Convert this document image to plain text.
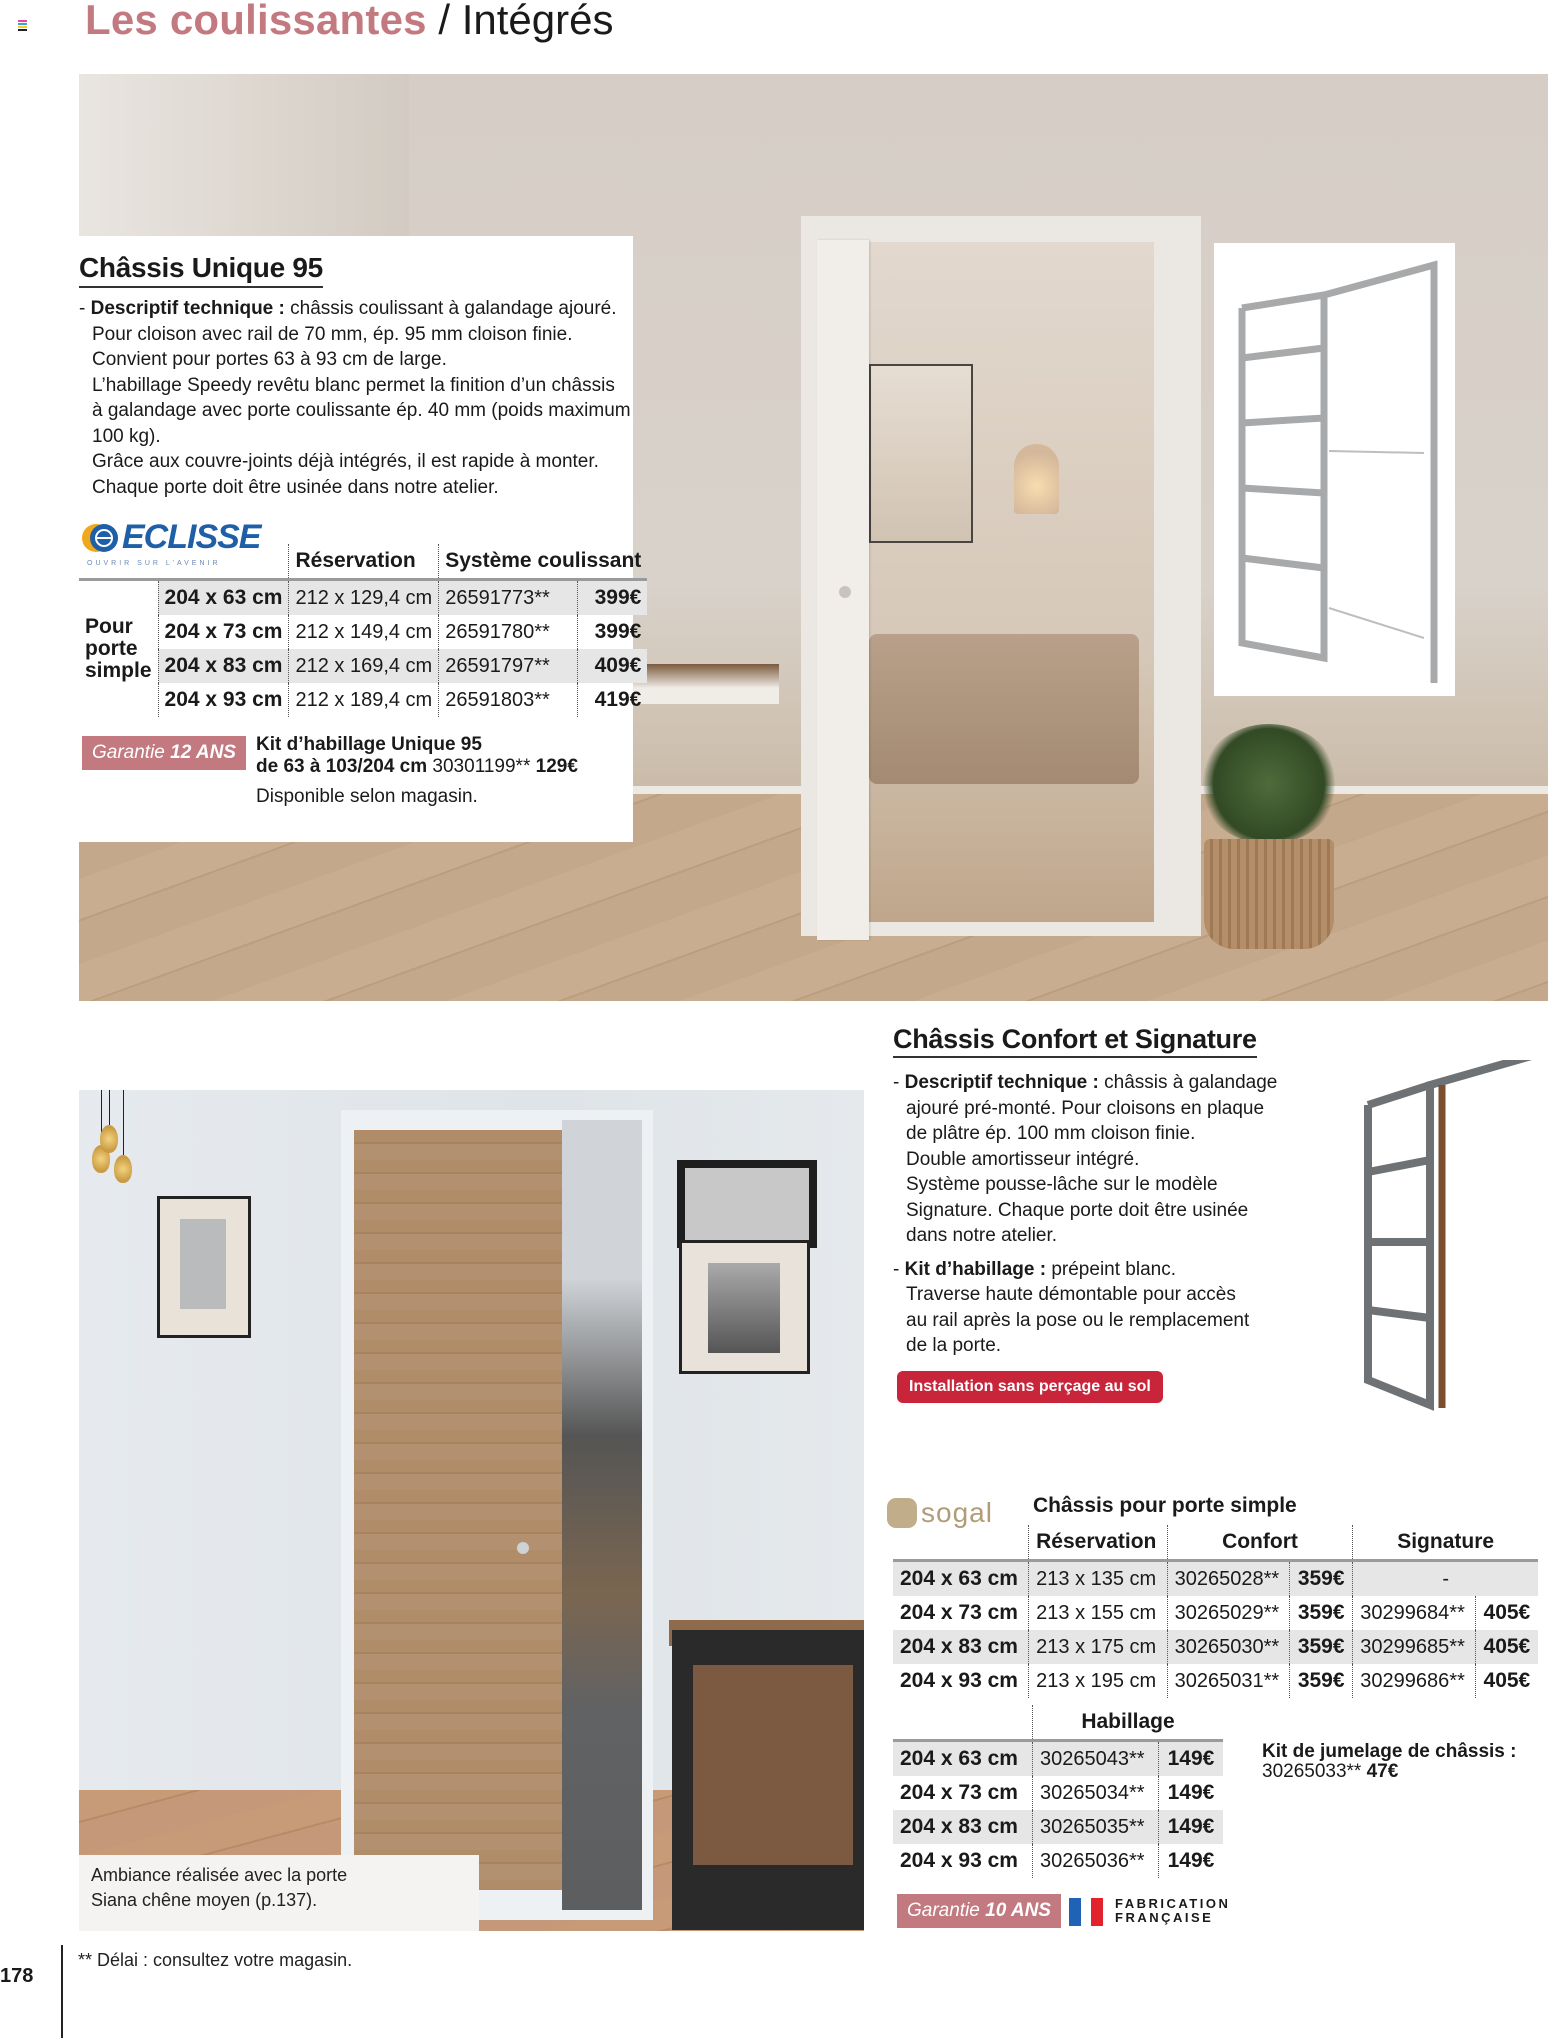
Les coulissantes / Intégrés
Châssis Unique 95
- Descriptif technique : châssis coulissant à galandage ajouré.
Pour cloison avec rail de 70 mm, ép. 95 mm cloison finie.
Convient pour portes 63 à 93 cm de large.
L’habillage Speedy revêtu blanc permet la finition d’un châssis
à galandage avec porte coulissante ép. 40 mm (poids maximum
100 kg).
Grâce aux couvre-joints déjà intégrés, il est rapide à monter.
Chaque porte doit être usinée dans notre atelier.
ECLISSE
OUVRIR SUR L’AVENIR
		Réservation	Système coulissant	
Pour
porte
simple	204 x 63 cm	212 x 129,4 cm	26591773**	399€
	204 x 73 cm	212 x 149,4 cm	26591780**	399€
	204 x 83 cm	212 x 169,4 cm	26591797**	409€
	204 x 93 cm	212 x 189,4 cm	26591803**	419€
Garantie 12 ANS	Kit d’habillage Unique 95
de 63 à 103/204 cm 30301199** 129€
Disponible selon magasin.
Ambiance réalisée avec la porte
Siana chêne moyen (p.137).
Châssis Confort et Signature
- Descriptif technique : châssis à galandage
ajouré pré-monté. Pour cloisons en plaque
de plâtre ép. 100 mm cloison finie.
Double amortisseur intégré.
Système pousse-lâche sur le modèle
Signature. Chaque porte doit être usinée
dans notre atelier.
- Kit d’habillage : prépeint blanc.
Traverse haute démontable pour accès
au rail après la pose ou le remplacement
de la porte.
Installation sans perçage au sol
sogal Châssis pour porte simple
	Réservation	Confort		Signature	
204 x 63 cm	213 x 135 cm	30265028**	359€	-	
204 x 73 cm	213 x 155 cm	30265029**	359€	30299684**	405€
204 x 83 cm	213 x 175 cm	30265030**	359€	30299685**	405€
204 x 93 cm	213 x 195 cm	30265031**	359€	30299686**	405€
	Habillage	
204 x 63 cm	30265043**	149€
204 x 73 cm	30265034**	149€
204 x 83 cm	30265035**	149€
204 x 93 cm	30265036**	149€
Kit de jumelage de châssis :
30265033** 47€
Garantie 10 ANS	FABRICATION
FRANÇAISE
178
** Délai : consultez votre magasin.
